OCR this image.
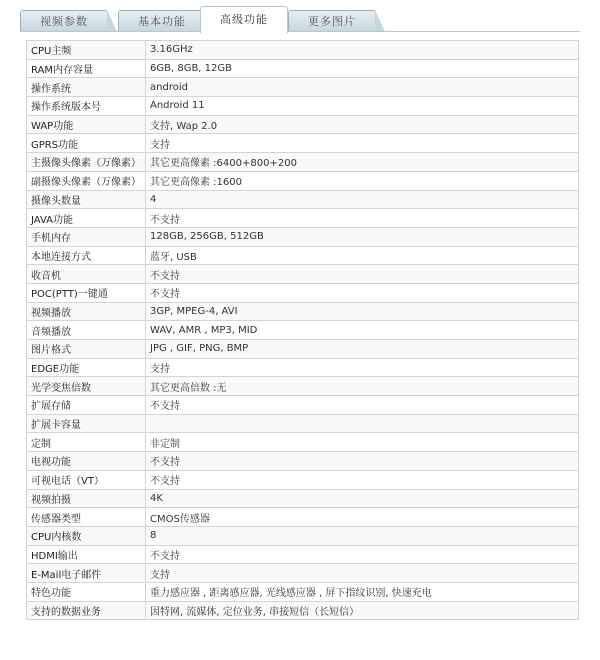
视频参数	基本功能	高级功能	更多图片
CPU主频	3.16GHz
RAM内存容量	6GB, 8GB, 12GB
操作系统	android
操作系统版本号	Android 11
WAP功能	支持, Wap 2.0
GPRS功能	支持
主摄像头像素（万像素）	其它更高像素 :6400+800+200
副摄像头像素（万像素）	其它更高像素 :1600
摄像头数量	4
JAVA功能	不支持
手机内存	128GB, 256GB, 512GB
本地连接方式	蓝牙, USB
收音机	不支持
POC(PTT)一键通	不支持
视频播放	3GP, MPEG-4, AVI
音频播放	WAV, AMR , MP3, MID
图片格式	JPG , GIF, PNG, BMP
EDGE功能	支持
光学变焦倍数	其它更高倍数 :无
扩展存储	不支持
扩展卡容量	
定制	非定制
电视功能	不支持
可视电话（VT）	不支持
视频拍摄	4K
传感器类型	CMOS传感器
CPU内核数	8
HDMI输出	不支持
E-Mail电子邮件	支持
特色功能	重力感应器 , 距离感应器, 光线感应器 , 屏下指纹识别, 快速充电
支持的数据业务	因特网, 流媒体, 定位业务, 串接短信（长短信）
